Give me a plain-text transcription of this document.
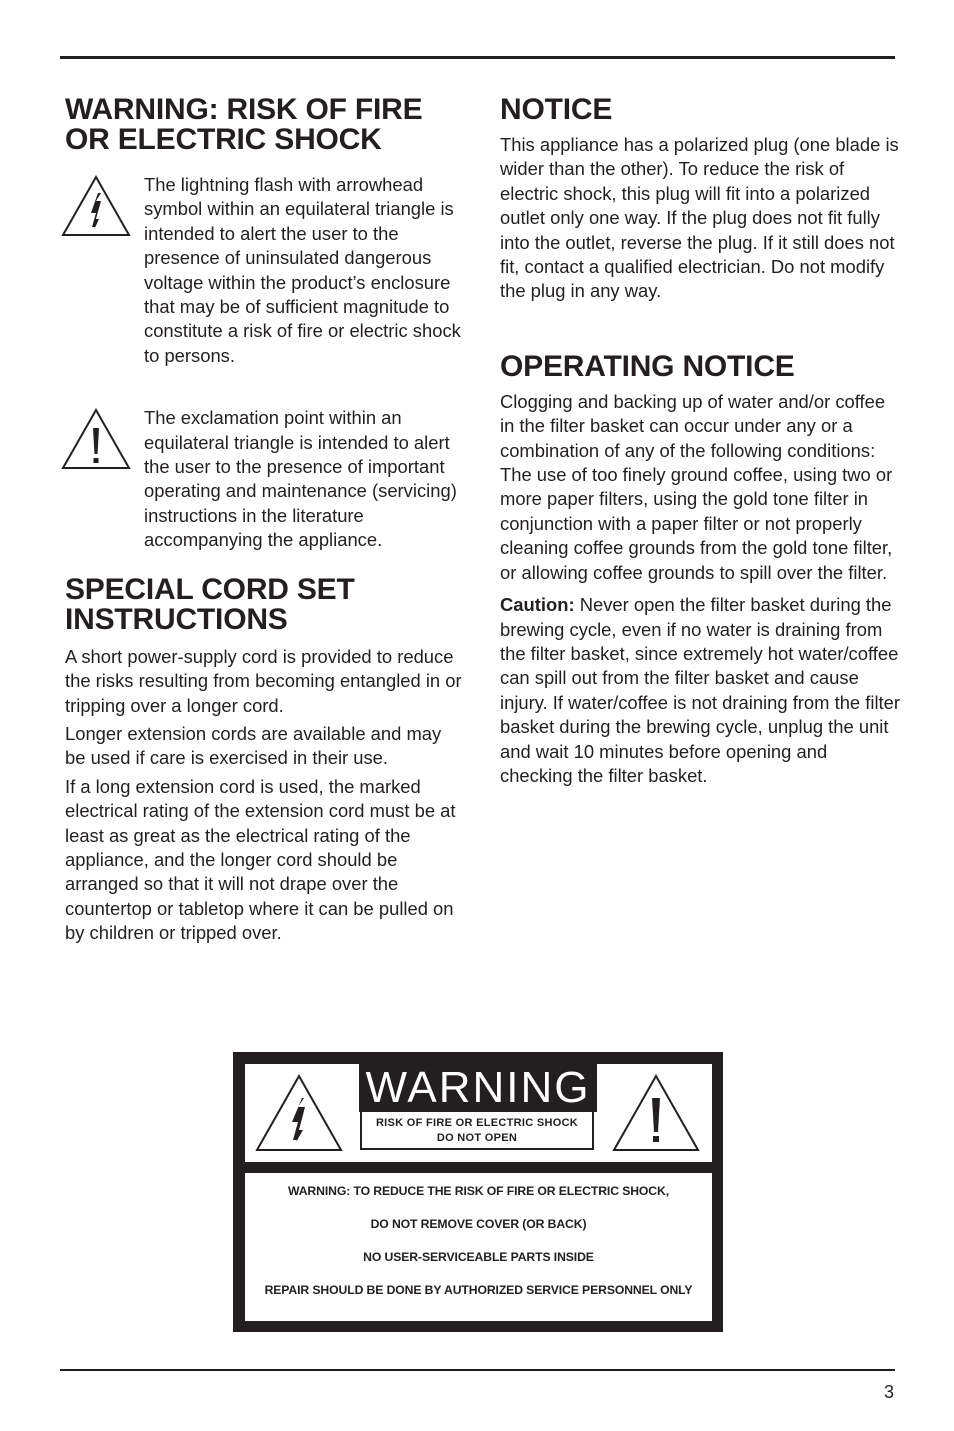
WARNING: RISK OF FIRE OR ELECTRIC SHOCK

The lightning flash with arrowhead symbol within an equilateral triangle is intended to alert the user to the presence of uninsulated dangerous voltage within the product’s enclosure that may be of sufficient magnitude to constitute a risk of fire or electric shock to persons.

The exclamation point within an equilateral triangle is intended to alert the user to the presence of important operating and maintenance (servicing) instructions in the literature accompanying the appliance.

SPECIAL CORD SET INSTRUCTIONS

A short power-supply cord is provided to reduce the risks resulting from becoming entangled in or tripping over a longer cord.

Longer extension cords are available and may be used if care is exercised in their use.

If a long extension cord is used, the marked electrical rating of the extension cord must be at least as great as the electrical rating of the appliance, and the longer cord should be arranged so that it will not drape over the countertop or tabletop where it can be pulled on by children or tripped over.

NOTICE

This appliance has a polarized plug (one blade is wider than the other). To reduce the risk of electric shock, this plug will fit into a polarized outlet only one way. If the plug does not fit fully into the outlet, reverse the plug. If it still does not fit, contact a qualified electrician. Do not modify the plug in any way.

OPERATING NOTICE

Clogging and backing up of water and/or coffee in the filter basket can occur under any or a combination of any of the following conditions: The use of too finely ground coffee, using two or more paper filters, using the gold tone filter in conjunction with a paper filter or not properly cleaning coffee grounds from the gold tone filter, or allowing coffee grounds to spill over the filter.

Caution: Never open the filter basket during the brewing cycle, even if no water is draining from the filter basket, since extremely hot water/coffee can spill out from the filter basket and cause injury. If water/coffee is not draining from the filter basket during the brewing cycle, unplug the unit and wait 10 minutes before opening and checking the filter basket.

WARNING
RISK OF FIRE OR ELECTRIC SHOCK
DO NOT OPEN
WARNING: TO REDUCE THE RISK OF FIRE OR ELECTRIC SHOCK,
DO NOT REMOVE COVER (OR BACK)
NO USER-SERVICEABLE PARTS INSIDE
REPAIR SHOULD BE DONE BY AUTHORIZED SERVICE PERSONNEL ONLY
3
